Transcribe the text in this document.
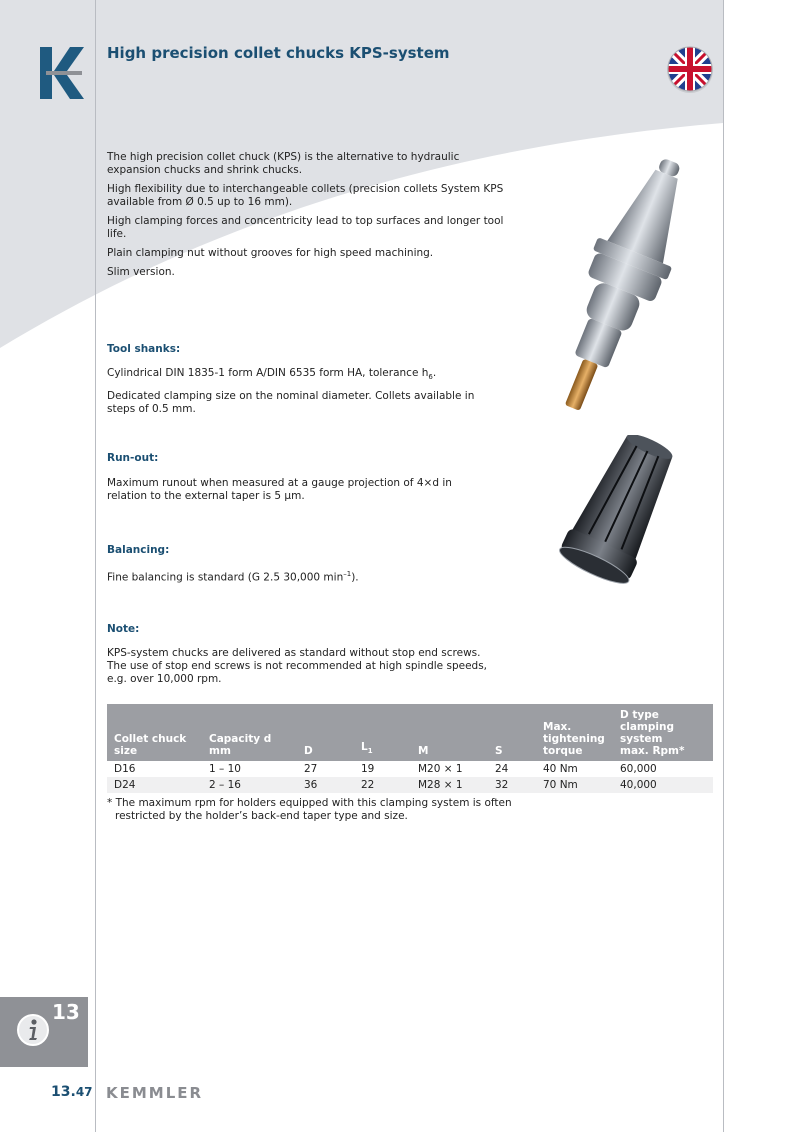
High precision collet chucks KPS-system

The high precision collet chuck (KPS) is the alternative to hydraulic expansion chucks and shrink chucks.

High flexibility due to interchangeable collets (precision collets System KPS available from Ø 0.5 up to 16 mm).

High clamping forces and concentricity lead to top surfaces and longer tool life.

Plain clamping nut without grooves for high speed machining.

Slim version.

Tool shanks:

Cylindrical DIN 1835-1 form A/DIN 6535 form HA, tolerance $h_6$.

Dedicated clamping size on the nominal diameter. Collets available in steps of 0.5 mm.

Run-out:

Maximum runout when measured at a gauge projection of 4×d in relation to the external taper is 5 µm.

Balancing:

Fine balancing is standard (G 2.5 30,000 $\min^{-1}$).

Note:

KPS-system chucks are delivered as standard without stop end screws.
The use of stop end screws is not recommended at high spindle speeds,
e.g. over 10,000 rpm.

Collet chuck
size	Capacity d
mm	D	$L_1$	M	S	Max.
tightening
torque	D type
clamping system
max. Rpm*

D16	1 – 10	27	19	M20 × 1	24	40 Nm	60,000
D24	2 – 16	36	22	M28 × 1	32	70 Nm	40,000
* The maximum rpm for holders equipped with this clamping system is often
restricted by the holder’s back-end taper type and size.
13
13.47 KEMMLER
